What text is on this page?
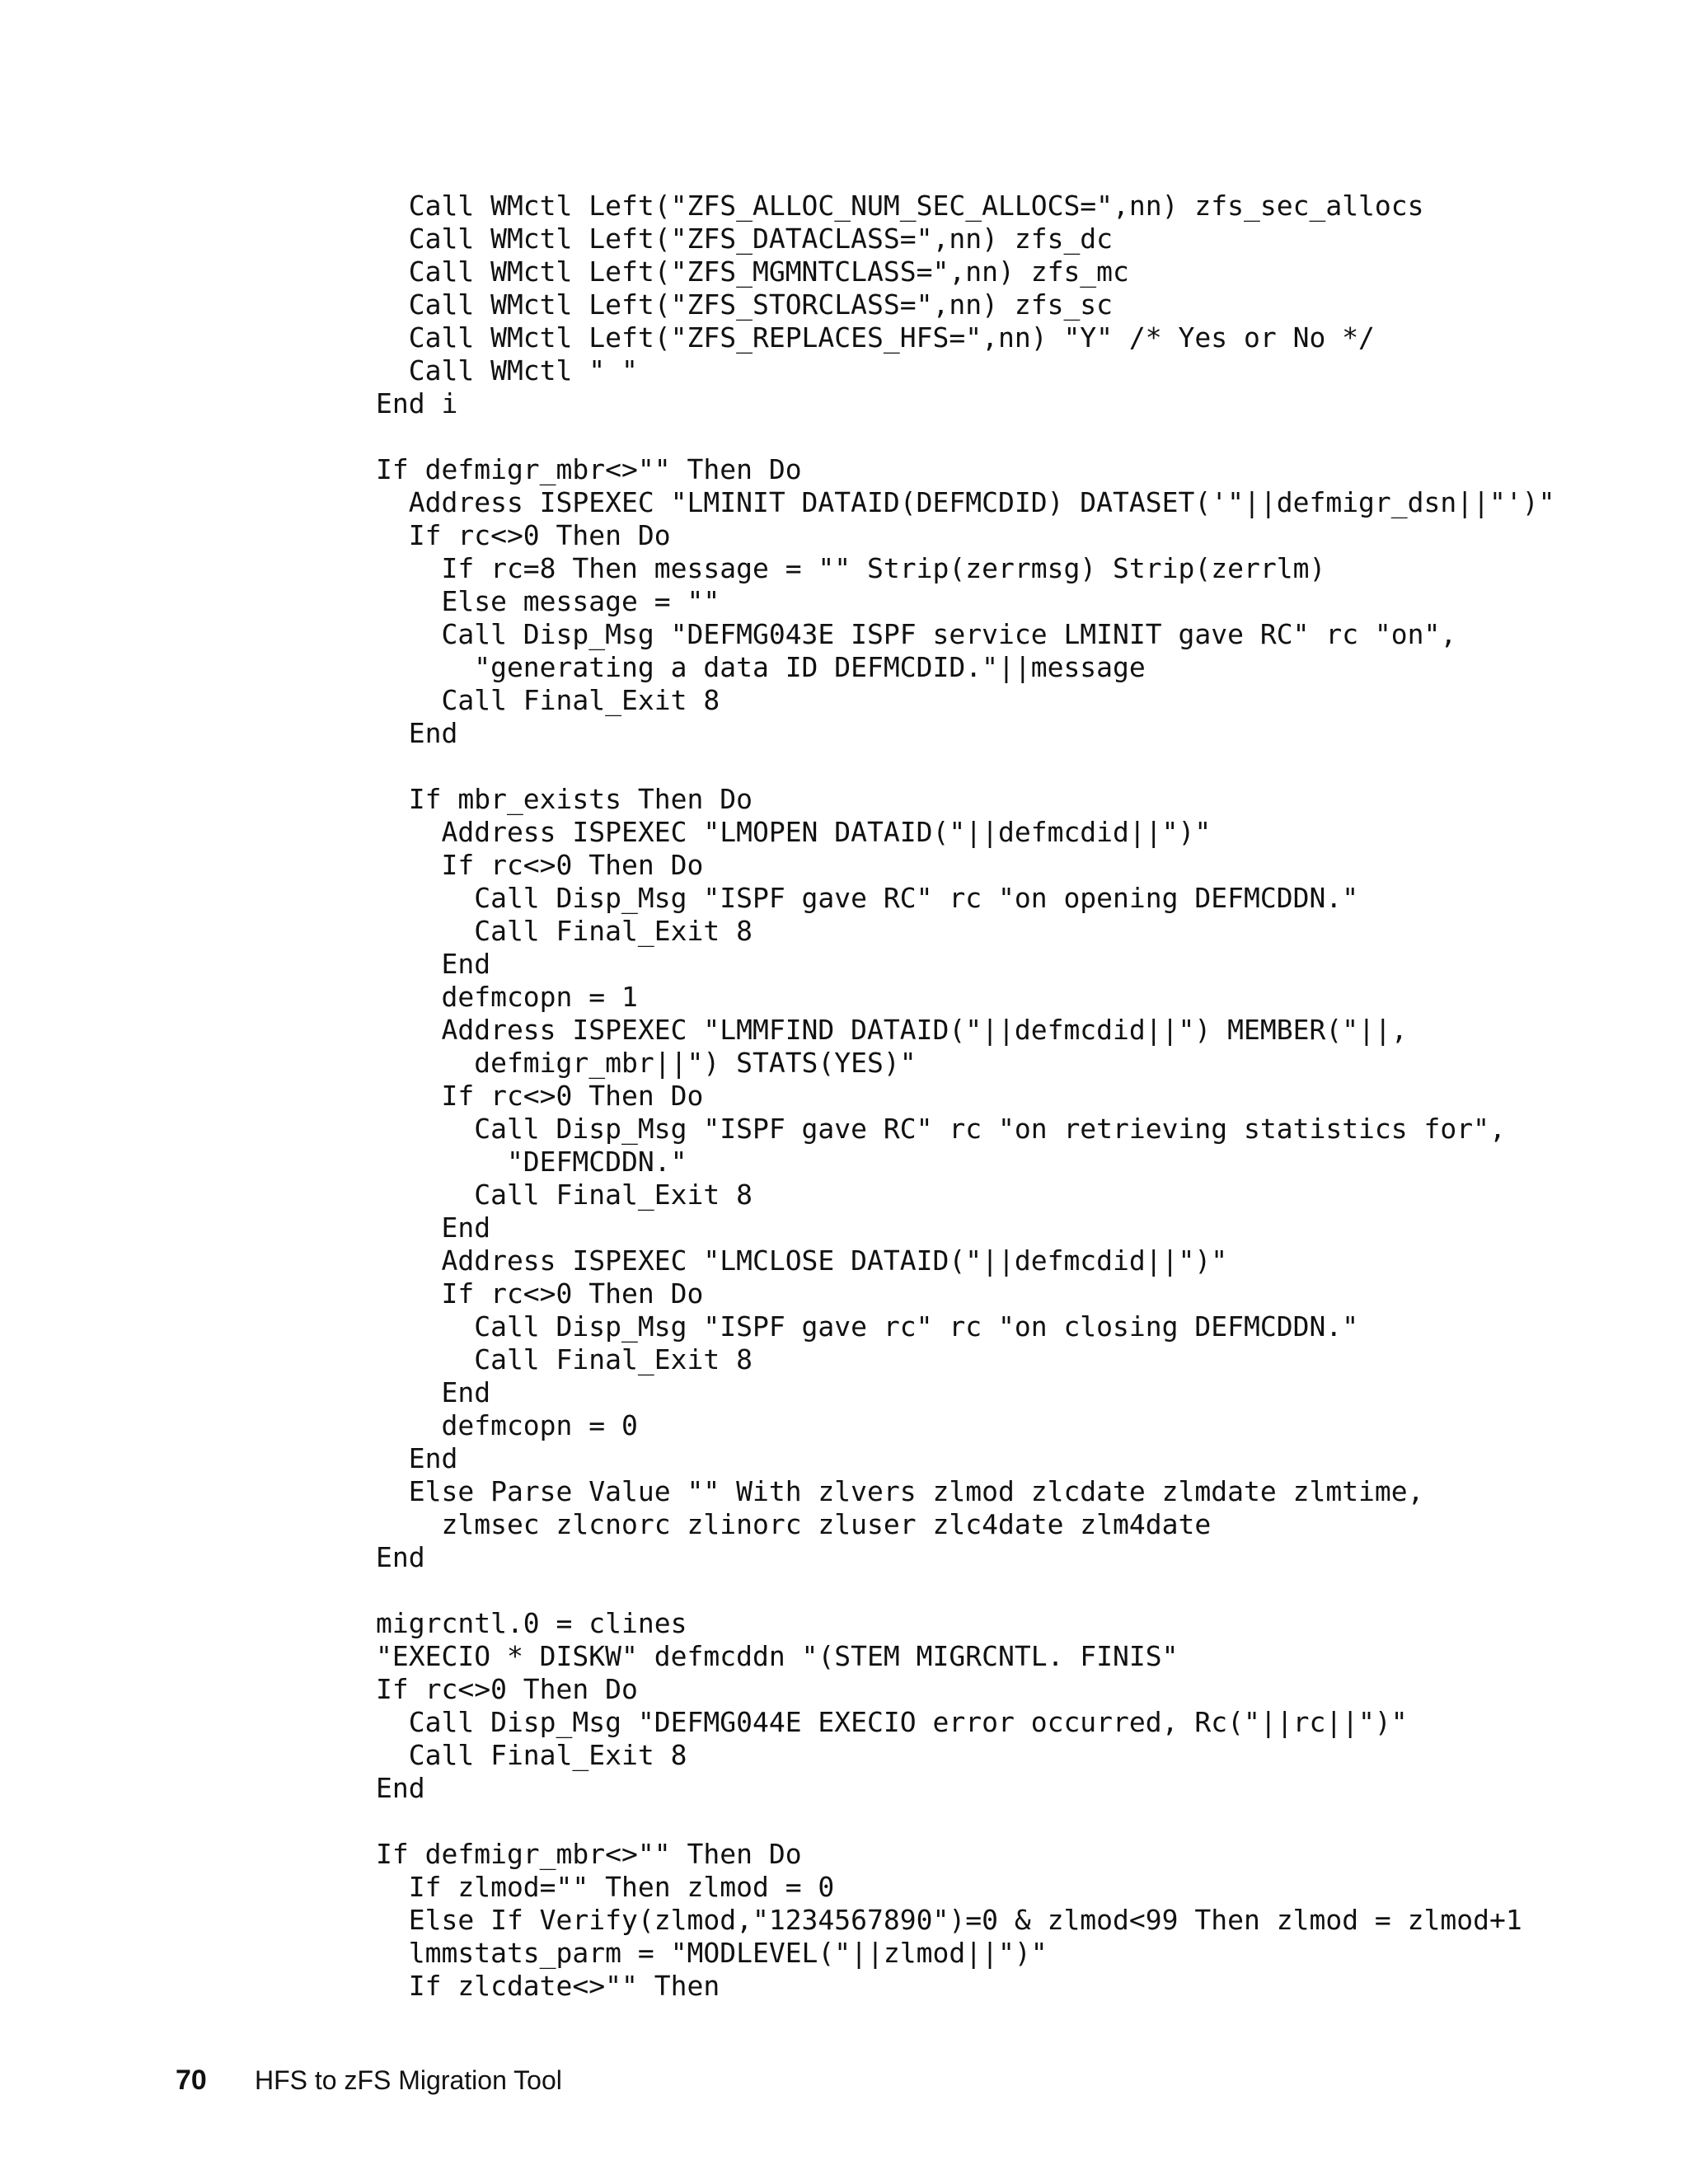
Call WMctl Left("ZFS_ALLOC_NUM_SEC_ALLOCS=",nn) zfs_sec_allocs
Call WMctl Left("ZFS_DATACLASS=",nn) zfs_dc
Call WMctl Left("ZFS_MGMNTCLASS=",nn) zfs_mc
Call WMctl Left("ZFS_STORCLASS=",nn) zfs_sc
Call WMctl Left("ZFS_REPLACES_HFS=",nn) "Y" /* Yes or No */
Call WMctl " "
End i
If defmigr_mbr<>"" Then Do
Address ISPEXEC "LMINIT DATAID(DEFMCDID) DATASET('"||defmigr_dsn||"')"
If rc<>0 Then Do
If rc=8 Then message = "" Strip(zerrmsg) Strip(zerrlm)
Else message = ""
Call Disp_Msg "DEFMG043E ISPF service LMINIT gave RC" rc "on",
"generating a data ID DEFMCDID."||message
Call Final_Exit 8
End
If mbr_exists Then Do
Address ISPEXEC "LMOPEN DATAID("||defmcdid||")"
If rc<>0 Then Do
Call Disp_Msg "ISPF gave RC" rc "on opening DEFMCDDN."
Call Final_Exit 8
End
defmcopn = 1
Address ISPEXEC "LMMFIND DATAID("||defmcdid||") MEMBER("||,
defmigr_mbr||") STATS(YES)"
If rc<>0 Then Do
Call Disp_Msg "ISPF gave RC" rc "on retrieving statistics for",
"DEFMCDDN."
Call Final_Exit 8
End
Address ISPEXEC "LMCLOSE DATAID("||defmcdid||")"
If rc<>0 Then Do
Call Disp_Msg "ISPF gave rc" rc "on closing DEFMCDDN."
Call Final_Exit 8
End
defmcopn = 0
End
Else Parse Value "" With zlvers zlmod zlcdate zlmdate zlmtime,
zlmsec zlcnorc zlinorc zluser zlc4date zlm4date
End
migrcntl.0 = clines
"EXECIO * DISKW" defmcddn "(STEM MIGRCNTL. FINIS"
If rc<>0 Then Do
Call Disp_Msg "DEFMG044E EXECIO error occurred, Rc("||rc||")"
Call Final_Exit 8
End
If defmigr_mbr<>"" Then Do
If zlmod="" Then zlmod = 0
Else If Verify(zlmod,"1234567890")=0 & zlmod<99 Then zlmod = zlmod+1
lmmstats_parm = "MODLEVEL("||zlmod||")"
If zlcdate<>"" Then
70 HFS to zFS Migration Tool
